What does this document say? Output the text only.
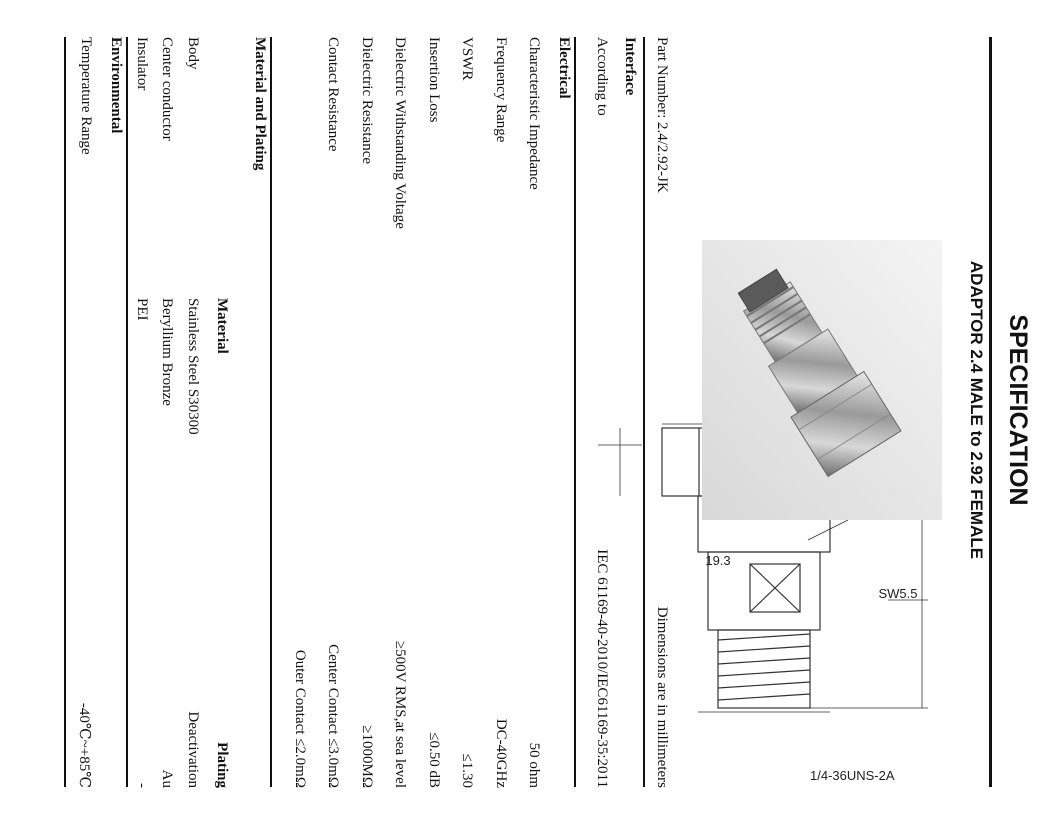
SPECIFICATION
ADAPTOR 2.4 MALE to 2.92 FEMALE
1/4-36UNS-2A
SW5.5
19.3
Part Number: 2.4/2.92-JK
Dimensions are in millimeters
Interface
According to
IEC 61169-40-2010/IEC61169-35:2011
Electrical
Characteristic Impedance
50 ohm
Frequency Range
DC-40GHz
VSWR
≤1.30
Insertion Loss
≤0.50 dB
Dielectric Withstanding Voltage
≥500V RMS,at sea level
Dielectric Resistance
≥1000MΩ
Contact Resistance
Center Contact ≤3.0mΩ
Outer Contact ≤2.0mΩ
Material and Plating
Material
Plating
Body
Stainless Steel S30300
Deactivation
Center conductor
Beryllium Bronze
Au
Insulator
PEI
-
Environmental
Temperature Range
-40℃~+85℃
